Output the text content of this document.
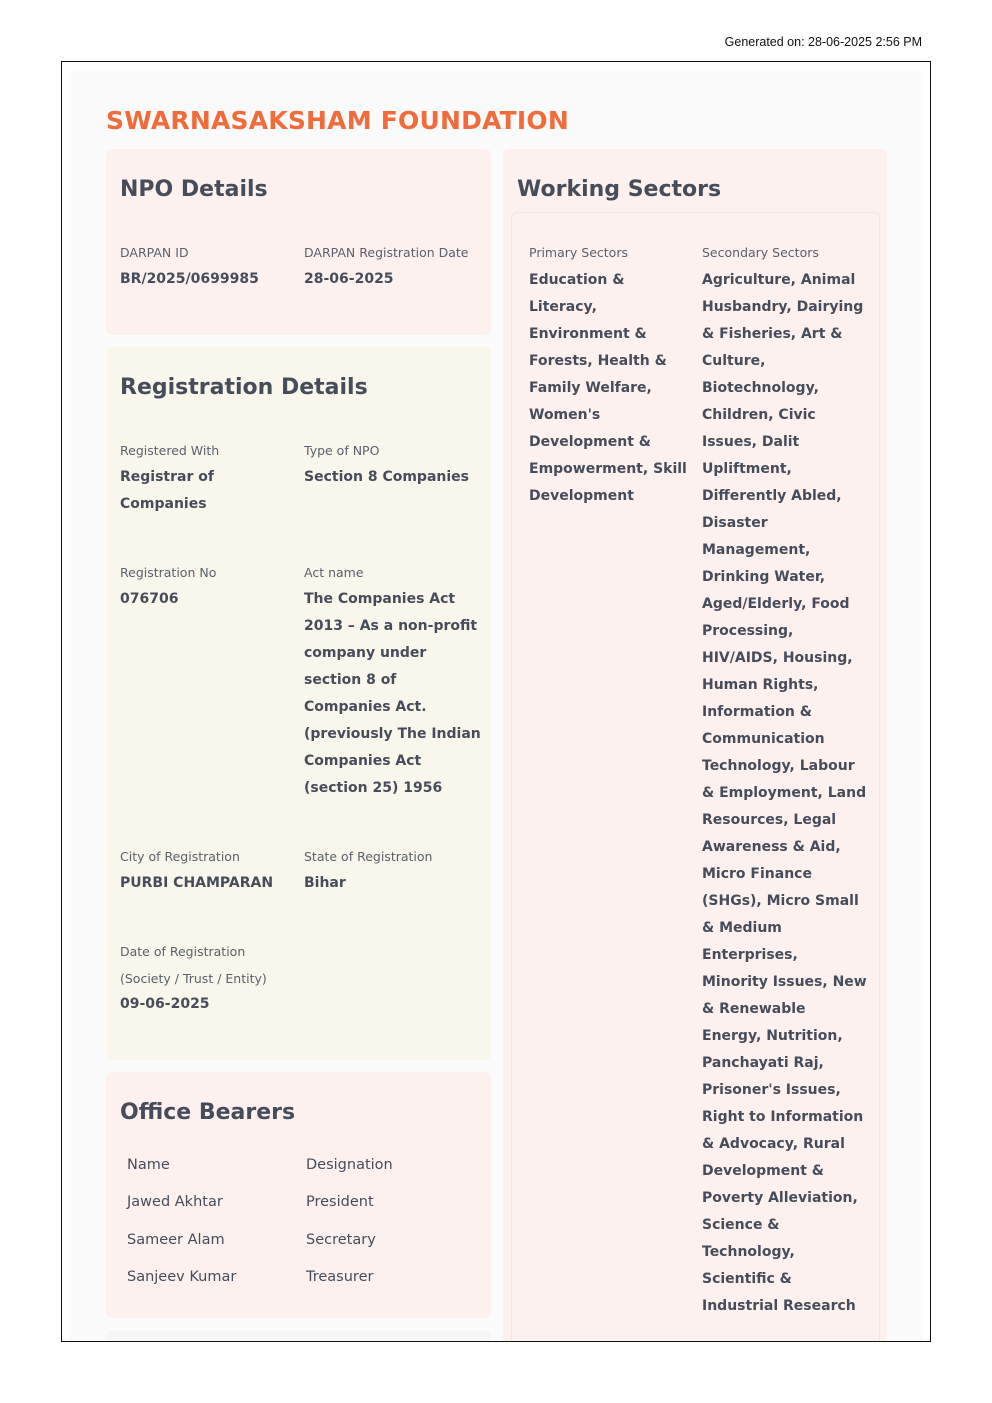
Generated on: 28-06-2025 2:56 PM
SWARNASAKSHAM FOUNDATION
NPO Details
DARPAN ID
BR/2025/0699985
DARPAN Registration Date
28-06-2025
Registration Details
Registered With
Registrar of Companies
Type of NPO
Section 8 Companies
Registration No
076706
Act name
The Companies Act 2013 – As a non-profit company under section 8 of Companies Act. (previously The Indian Companies Act (section 25) 1956
City of Registration
PURBI CHAMPARAN
State of Registration
Bihar
Date of Registration
(Society / Trust / Entity)
09-06-2025
Office Bearers
Name	Designation
Jawed Akhtar	President
Sameer Alam	Secretary
Sanjeev Kumar	Treasurer
Working Sectors
Primary Sectors	Secondary Sectors
Education & Literacy, Environment & Forests, Health & Family Welfare, Women's Development & Empowerment, Skill Development
Agriculture, Animal Husbandry, Dairying & Fisheries, Art & Culture, Biotechnology, Children, Civic Issues, Dalit Upliftment, Differently Abled, Disaster Management, Drinking Water, Aged/Elderly, Food Processing, HIV/AIDS, Housing, Human Rights, Information & Communication Technology, Labour & Employment, Land Resources, Legal Awareness & Aid, Micro Finance (SHGs), Micro Small & Medium Enterprises, Minority Issues, New & Renewable Energy, Nutrition, Panchayati Raj, Prisoner's Issues, Right to Information & Advocacy, Rural Development & Poverty Alleviation, Science & Technology, Scientific & Industrial Research
